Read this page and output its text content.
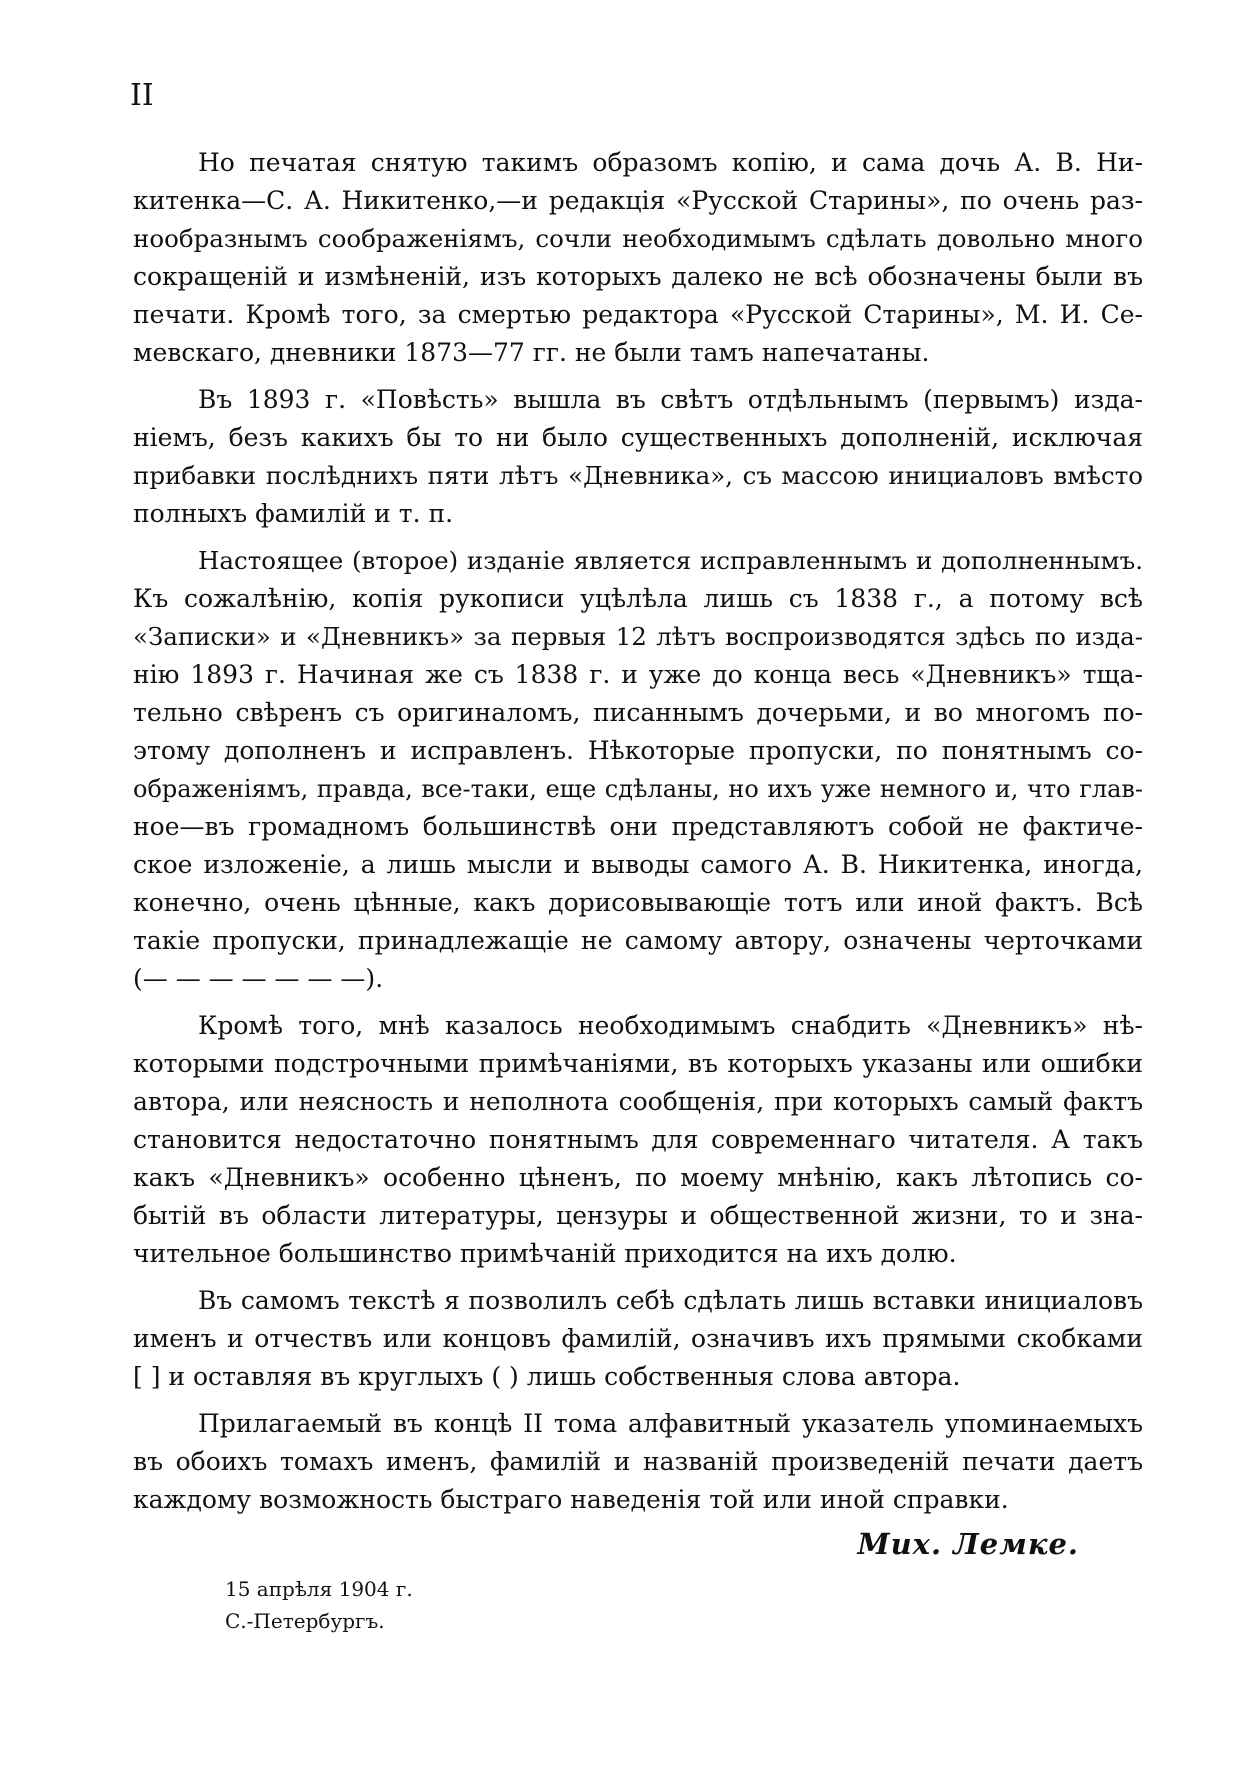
II
Но печатая снятую такимъ образомъ копію, и сама дочь А. В. Ни-
китенка—С. А. Никитенко,—и редакція «Русской Старины», по очень раз-
нообразнымъ соображеніямъ, сочли необходимымъ сдѣлать довольно много
сокращеній и измѣненій, изъ которыхъ далеко не всѣ обозначены были въ
печати. Кромѣ того, за смертью редактора «Русской Старины», М. И. Се-
мевскаго, дневники 1873—77 гг. не были тамъ напечатаны.
Въ 1893 г. «Повѣсть» вышла въ свѣтъ отдѣльнымъ (первымъ) изда-
ніемъ, безъ какихъ бы то ни было существенныхъ дополненій, исключая
прибавки послѣднихъ пяти лѣтъ «Дневника», съ массою инициаловъ вмѣсто
полныхъ фамилій и т. п.
Настоящее (второе) изданіе является исправленнымъ и дополненнымъ.
Къ сожалѣнію, копія рукописи уцѣлѣла лишь съ 1838 г., а потому всѣ
«Записки» и «Дневникъ» за первыя 12 лѣтъ воспроизводятся здѣсь по изда-
нію 1893 г. Начиная же съ 1838 г. и уже до конца весь «Дневникъ» тща-
тельно свѣренъ съ оригиналомъ, писаннымъ дочерьми, и во многомъ по-
этому дополненъ и исправленъ. Нѣкоторые пропуски, по понятнымъ со-
ображеніямъ, правда, все-таки, еще сдѣланы, но ихъ уже немного и, что глав-
ное—въ громадномъ большинствѣ они представляютъ собой не фактиче-
ское изложеніе, а лишь мысли и выводы самого А. В. Никитенка, иногда,
конечно, очень цѣнные, какъ дорисовывающіе тотъ или иной фактъ. Всѣ
такіе пропуски, принадлежащіе не самому автору, означены черточками
(— — — — — — —).
Кромѣ того, мнѣ казалось необходимымъ снабдить «Дневникъ» нѣ-
которыми подстрочными примѣчаніями, въ которыхъ указаны или ошибки
автора, или неясность и неполнота сообщенія, при которыхъ самый фактъ
становится недостаточно понятнымъ для современнаго читателя. А такъ
какъ «Дневникъ» особенно цѣненъ, по моему мнѣнію, какъ лѣтопись со-
бытій въ области литературы, цензуры и общественной жизни, то и зна-
чительное большинство примѣчаній приходится на ихъ долю.
Въ самомъ текстѣ я позволилъ себѣ сдѣлать лишь вставки инициаловъ
именъ и отчествъ или концовъ фамилій, означивъ ихъ прямыми скобками
[ ] и оставляя въ круглыхъ ( ) лишь собственныя слова автора.
Прилагаемый въ концѣ II тома алфавитный указатель упоминаемыхъ
въ обоихъ томахъ именъ, фамилій и названій произведеній печати даетъ
каждому возможность быстраго наведенія той или иной справки.
Мих. Лемке.
15 апрѣля 1904 г.
С.-Петербургъ.
